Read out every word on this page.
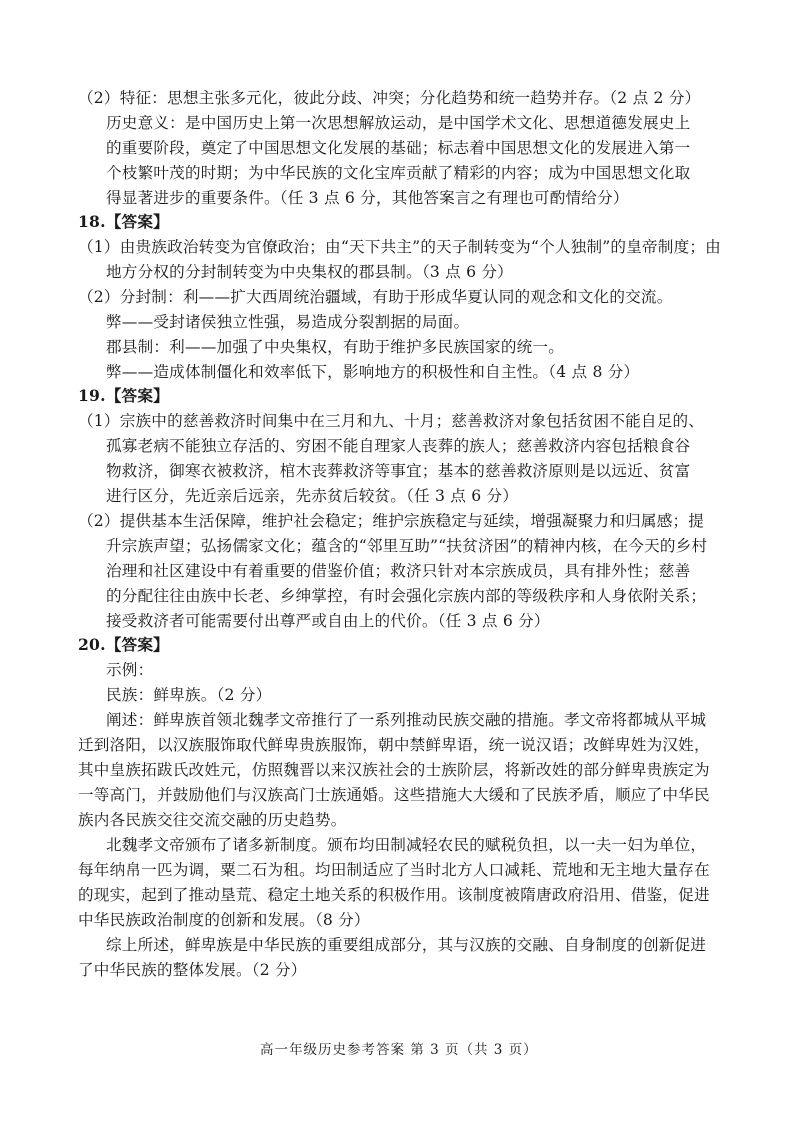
（2）特征：思想主张多元化，彼此分歧、冲突；分化趋势和统一趋势并存。（2 点 2 分）
历史意义：是中国历史上第一次思想解放运动，是中国学术文化、思想道德发展史上
的重要阶段，奠定了中国思想文化发展的基础；标志着中国思想文化的发展进入第一
个枝繁叶茂的时期；为中华民族的文化宝库贡献了精彩的内容；成为中国思想文化取
得显著进步的重要条件。（任 3 点 6 分，其他答案言之有理也可酌情给分）
18.【答案】
（1）由贵族政治转变为官僚政治；由“天下共主”的天子制转变为“个人独制”的皇帝制度；由
地方分权的分封制转变为中央集权的郡县制。（3 点 6 分）
（2）分封制：利——扩大西周统治疆域，有助于形成华夏认同的观念和文化的交流。
弊——受封诸侯独立性强，易造成分裂割据的局面。
郡县制：利——加强了中央集权，有助于维护多民族国家的统一。
弊——造成体制僵化和效率低下，影响地方的积极性和自主性。（4 点 8 分）
19.【答案】
（1）宗族中的慈善救济时间集中在三月和九、十月；慈善救济对象包括贫困不能自足的、
孤寡老病不能独立存活的、穷困不能自理家人丧葬的族人；慈善救济内容包括粮食谷
物救济，御寒衣被救济，棺木丧葬救济等事宜；基本的慈善救济原则是以远近、贫富
进行区分，先近亲后远亲，先赤贫后较贫。（任 3 点 6 分）
（2）提供基本生活保障，维护社会稳定；维护宗族稳定与延续，增强凝聚力和归属感；提
升宗族声望；弘扬儒家文化；蕴含的“邻里互助”“扶贫济困”的精神内核，在今天的乡村
治理和社区建设中有着重要的借鉴价值；救济只针对本宗族成员，具有排外性；慈善
的分配往往由族中长老、乡绅掌控，有时会强化宗族内部的等级秩序和人身依附关系；
接受救济者可能需要付出尊严或自由上的代价。（任 3 点 6 分）
20.【答案】
示例：
民族：鲜卑族。（2 分）
阐述：鲜卑族首领北魏孝文帝推行了一系列推动民族交融的措施。孝文帝将都城从平城
迁到洛阳，以汉族服饰取代鲜卑贵族服饰，朝中禁鲜卑语，统一说汉语；改鲜卑姓为汉姓，
其中皇族拓跋氏改姓元，仿照魏晋以来汉族社会的士族阶层，将新改姓的部分鲜卑贵族定为
一等高门，并鼓励他们与汉族高门士族通婚。这些措施大大缓和了民族矛盾，顺应了中华民
族内各民族交往交流交融的历史趋势。
北魏孝文帝颁布了诸多新制度。颁布均田制减轻农民的赋税负担，以一夫一妇为单位，
每年纳帛一匹为调，粟二石为租。均田制适应了当时北方人口减耗、荒地和无主地大量存在
的现实，起到了推动垦荒、稳定土地关系的积极作用。该制度被隋唐政府沿用、借鉴，促进
中华民族政治制度的创新和发展。（8 分）
综上所述，鲜卑族是中华民族的重要组成部分，其与汉族的交融、自身制度的创新促进
了中华民族的整体发展。（2 分）
高一年级历史参考答案 第 3 页（共 3 页）
